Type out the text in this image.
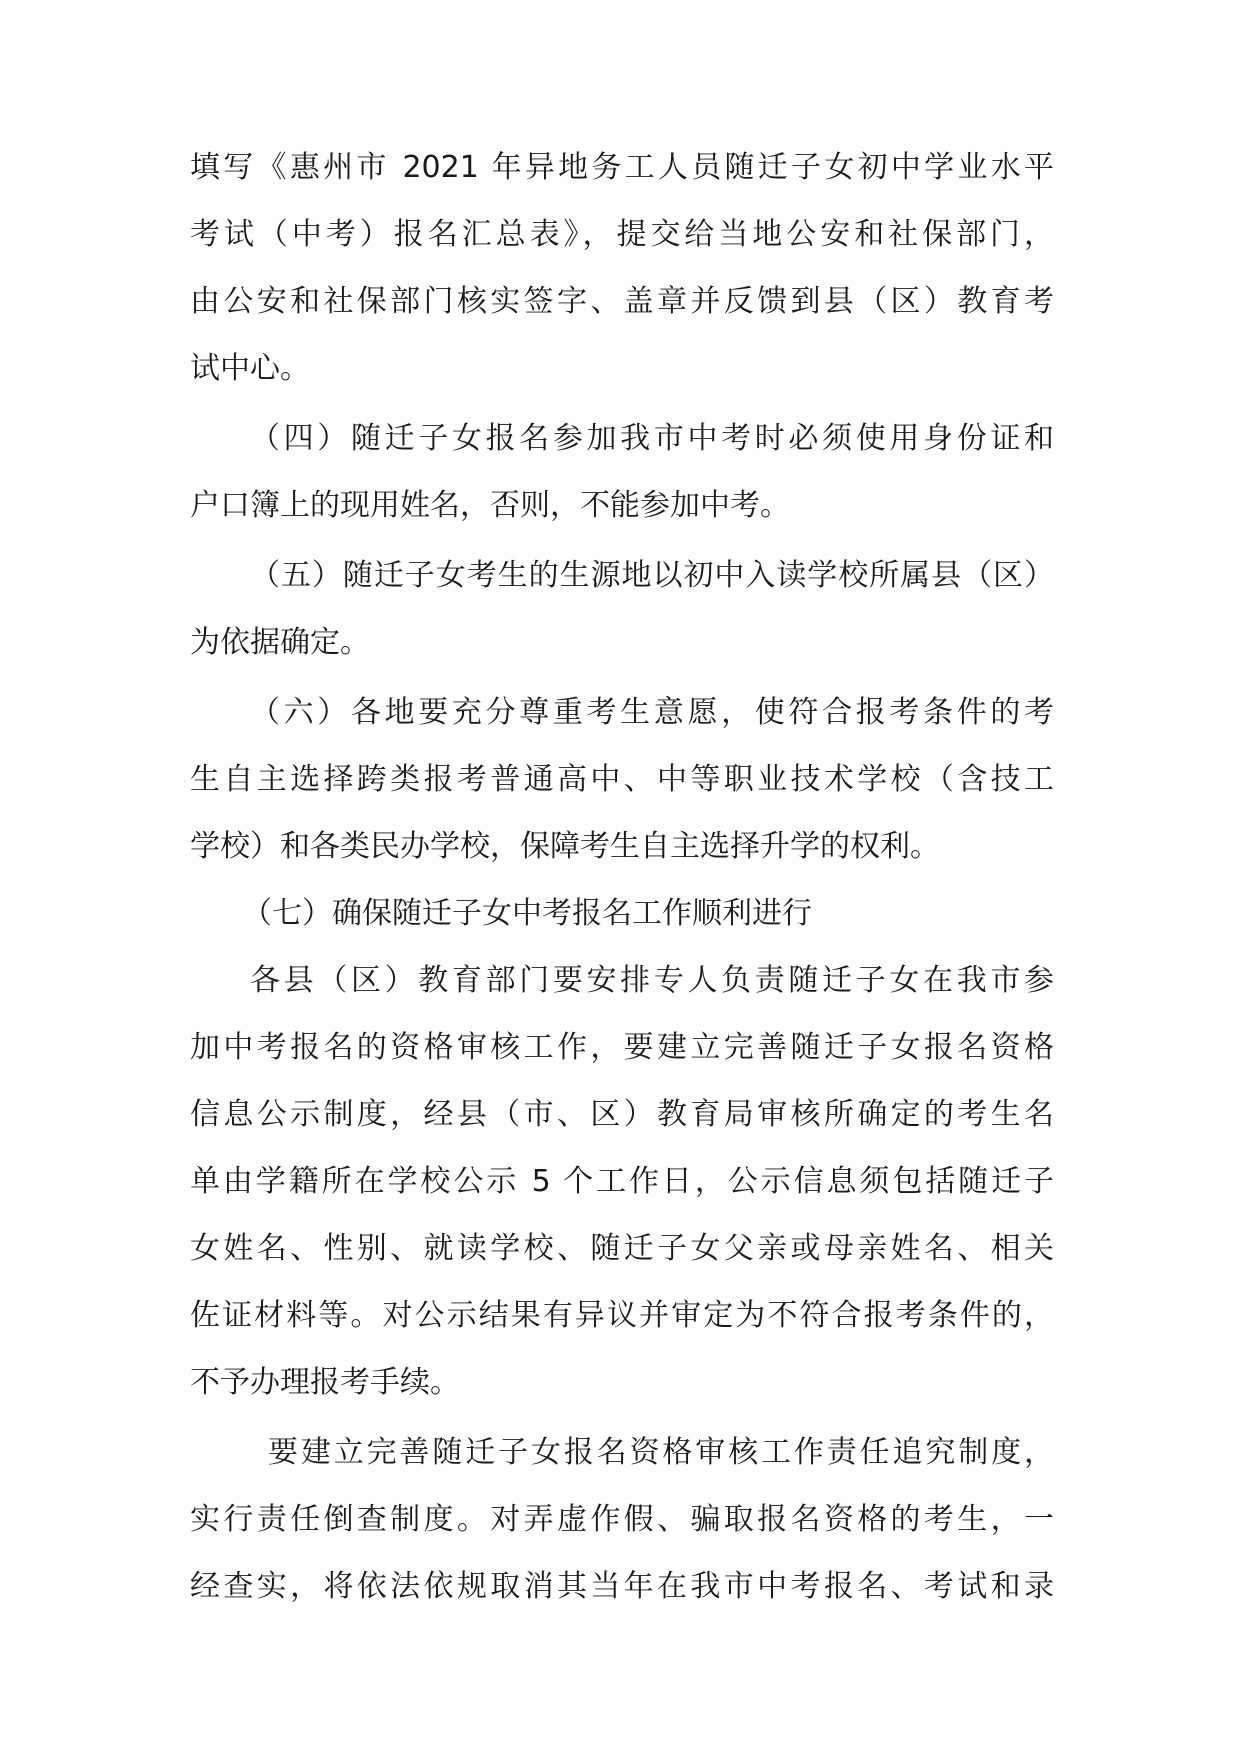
填写《惠州市 2021 年异地务工人员随迁子女初中学业水平
考试（中考）报名汇总表》，提交给当地公安和社保部门，
由公安和社保部门核实签字、盖章并反馈到县（区）教育考
试中心。
（四）随迁子女报名参加我市中考时必须使用身份证和
户口簿上的现用姓名，否则，不能参加中考。
（五）随迁子女考生的生源地以初中入读学校所属县（区）
为依据确定。
（六）各地要充分尊重考生意愿，使符合报考条件的考
生自主选择跨类报考普通高中、中等职业技术学校（含技工
学校）和各类民办学校，保障考生自主选择升学的权利。
（七）确保随迁子女中考报名工作顺利进行
各县（区）教育部门要安排专人负责随迁子女在我市参
加中考报名的资格审核工作，要建立完善随迁子女报名资格
信息公示制度，经县（市、区）教育局审核所确定的考生名
单由学籍所在学校公示 5 个工作日，公示信息须包括随迁子
女姓名、性别、就读学校、随迁子女父亲或母亲姓名、相关
佐证材料等。对公示结果有异议并审定为不符合报考条件的，
不予办理报考手续。
要建立完善随迁子女报名资格审核工作责任追究制度，
实行责任倒查制度。对弄虚作假、骗取报名资格的考生，一
经查实，将依法依规取消其当年在我市中考报名、考试和录
